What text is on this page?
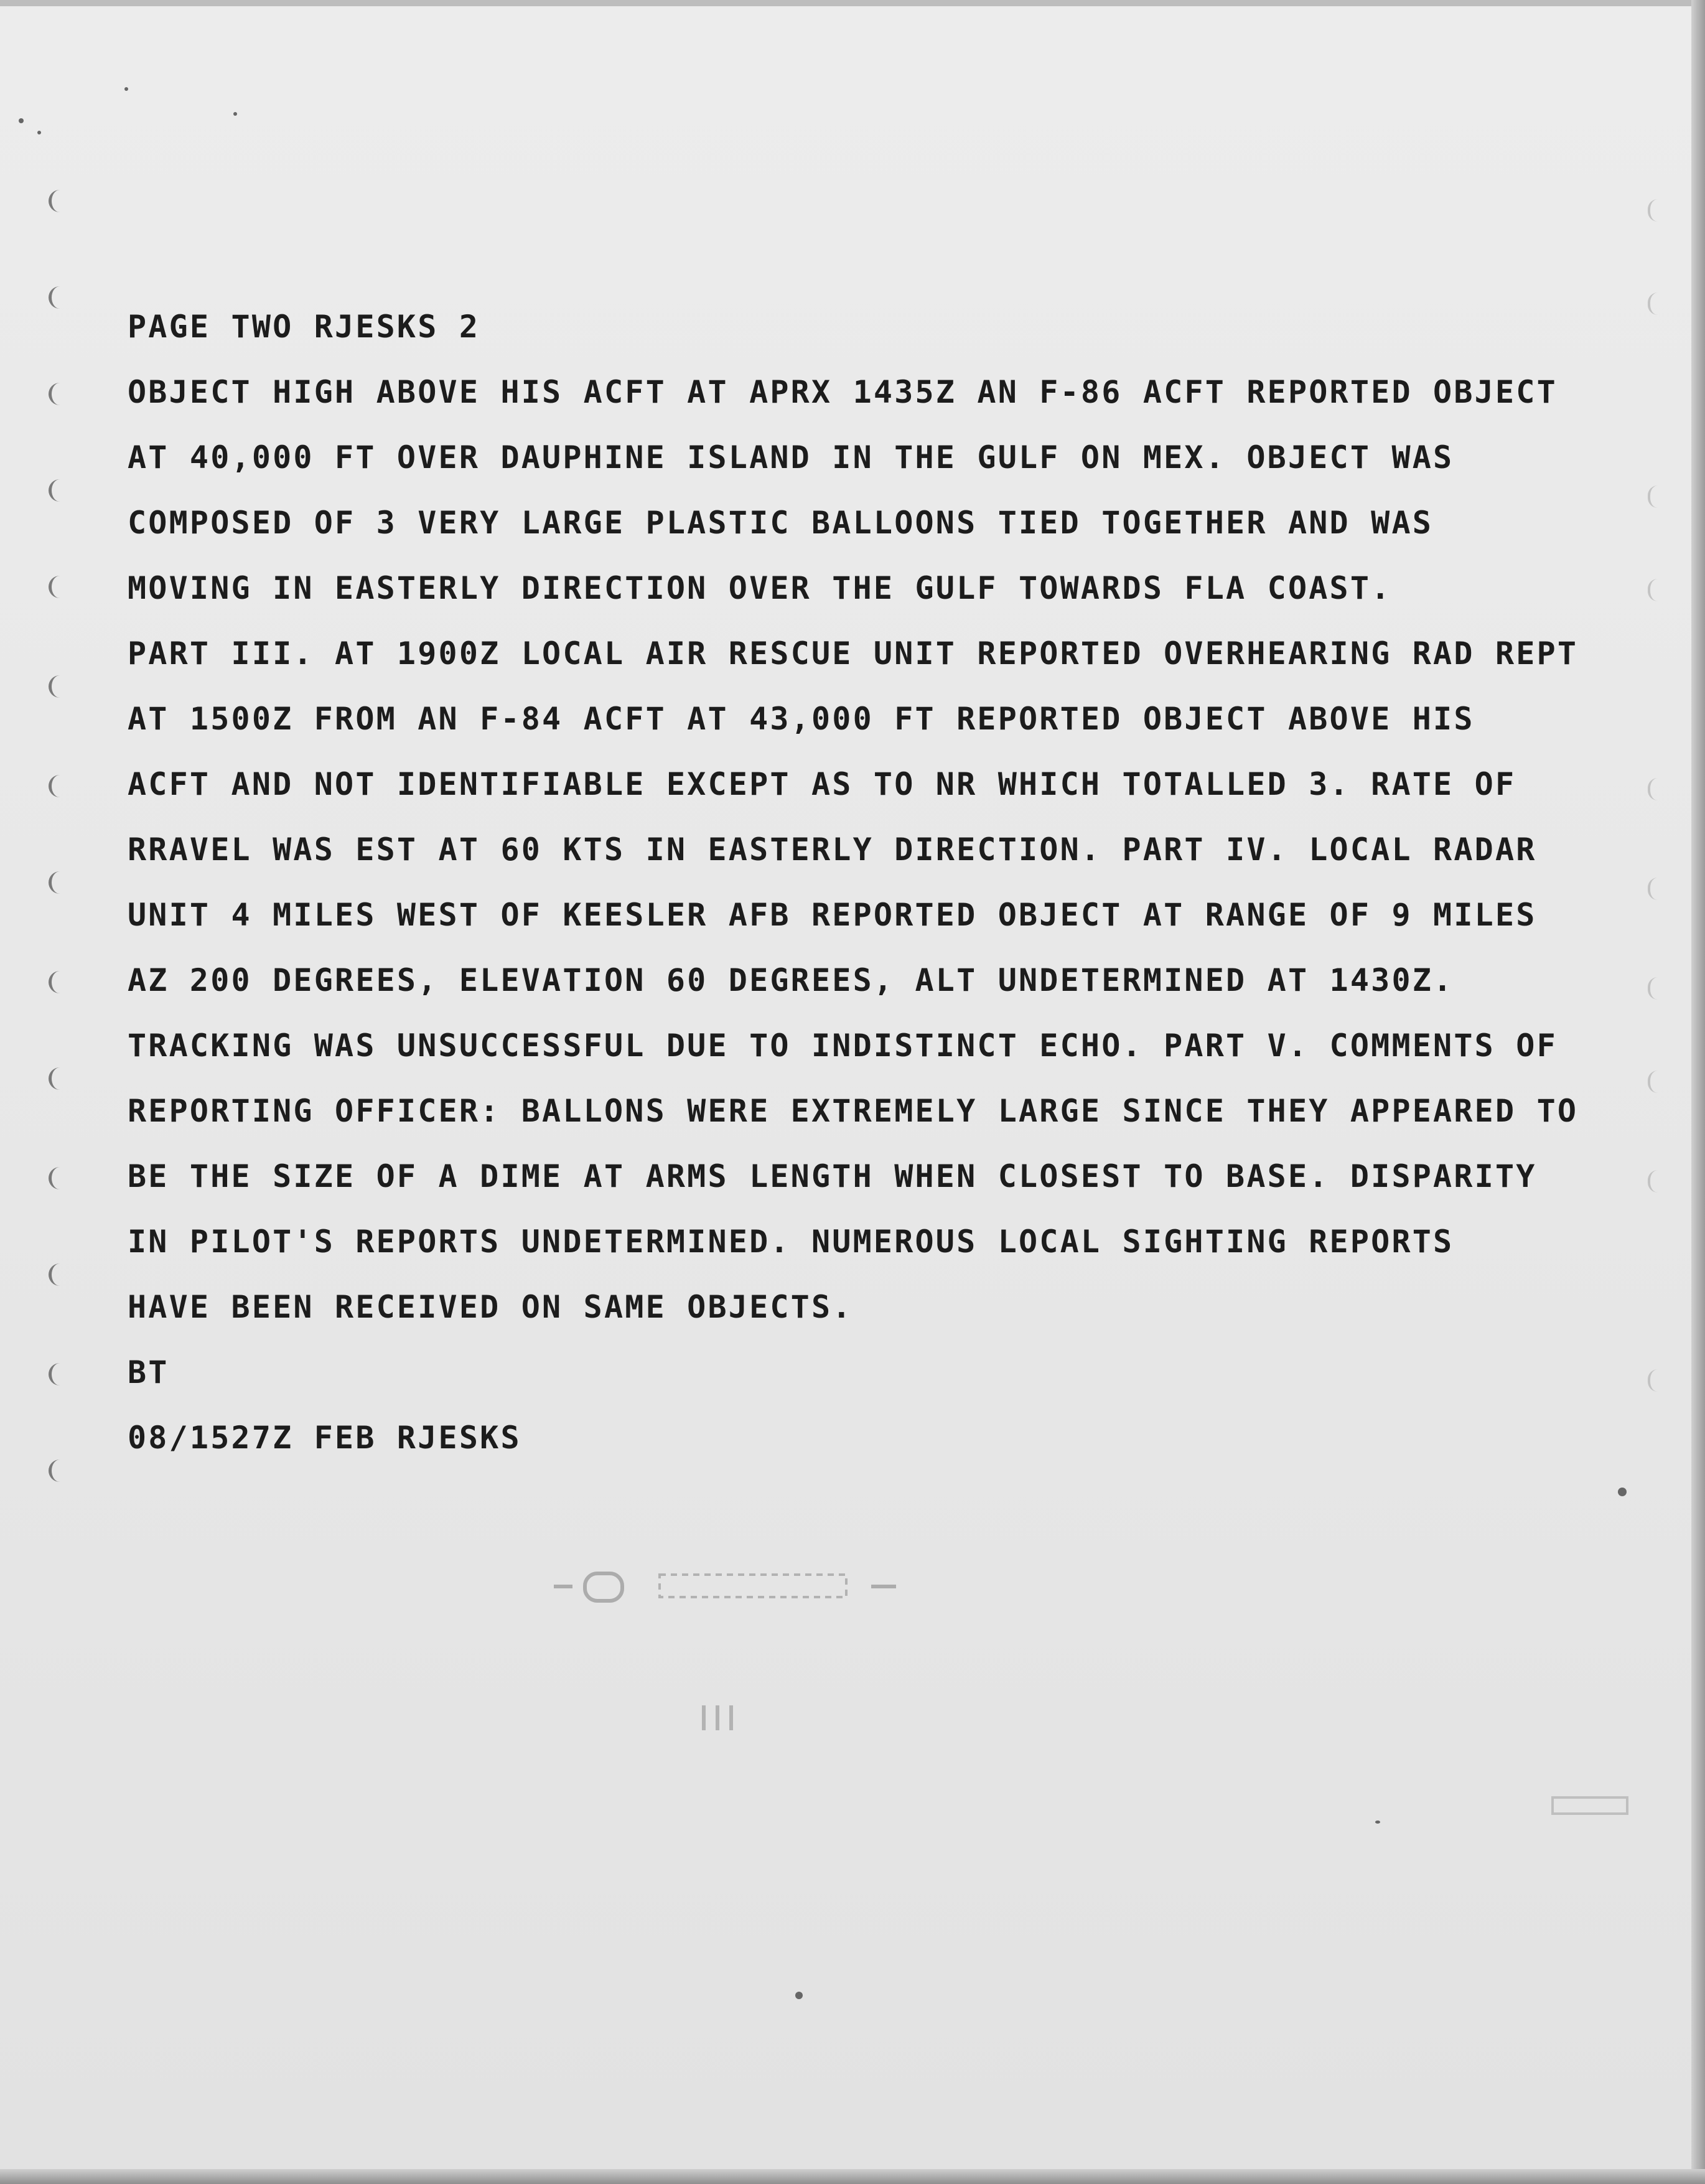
PAGE TWO RJESKS 2
OBJECT HIGH ABOVE HIS ACFT AT APRX 1435Z AN F-86 ACFT REPORTED OBJECT
AT 40,000 FT OVER DAUPHINE ISLAND IN THE GULF ON MEX. OBJECT WAS
COMPOSED OF 3 VERY LARGE PLASTIC BALLOONS TIED TOGETHER AND WAS
MOVING IN EASTERLY DIRECTION OVER THE GULF TOWARDS FLA COAST.
PART III. AT 1900Z LOCAL AIR RESCUE UNIT REPORTED OVERHEARING RAD REPT
AT 1500Z FROM AN F-84 ACFT AT 43,000 FT REPORTED OBJECT ABOVE HIS
ACFT AND NOT IDENTIFIABLE EXCEPT AS TO NR WHICH TOTALLED 3. RATE OF
RRAVEL WAS EST AT 60 KTS IN EASTERLY DIRECTION. PART IV. LOCAL RADAR
UNIT 4 MILES WEST OF KEESLER AFB REPORTED OBJECT AT RANGE OF 9 MILES
AZ 200 DEGREES, ELEVATION 60 DEGREES, ALT UNDETERMINED AT 1430Z.
TRACKING WAS UNSUCCESSFUL DUE TO INDISTINCT ECHO. PART V. COMMENTS OF
REPORTING OFFICER: BALLONS WERE EXTREMELY LARGE SINCE THEY APPEARED TO
BE THE SIZE OF A DIME AT ARMS LENGTH WHEN CLOSEST TO BASE. DISPARITY
IN PILOT'S REPORTS UNDETERMINED. NUMEROUS LOCAL SIGHTING REPORTS
HAVE BEEN RECEIVED ON SAME OBJECTS.
BT
08/1527Z FEB RJESKS
